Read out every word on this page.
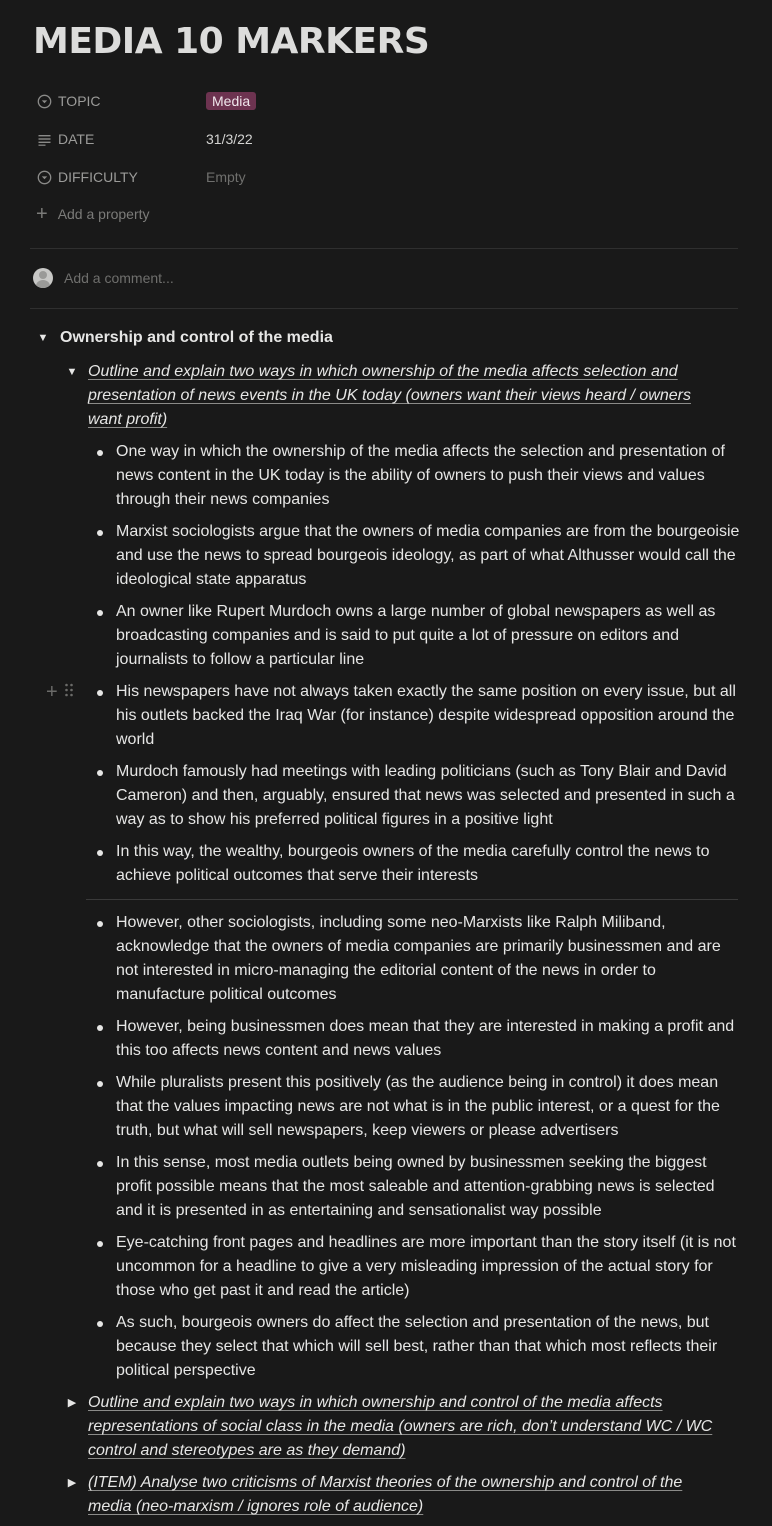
MEDIA 10 MARKERS
TOPIC	Media
DATE	31/3/22
DIFFICULTY	Empty
+ Add a property
Add a comment...
▼ Ownership and control of the media
▼ Outline and explain two ways in which ownership of the media affects selection and presentation of news events in the UK today (owners want their views heard / owners want profit)
One way in which the ownership of the media affects the selection and presentation of news content in the UK today is the ability of owners to push their views and values through their news companies
Marxist sociologists argue that the owners of media companies are from the bourgeoisie and use the news to spread bourgeois ideology, as part of what Althusser would call the ideological state apparatus
An owner like Rupert Murdoch owns a large number of global newspapers as well as broadcasting companies and is said to put quite a lot of pressure on editors and journalists to follow a particular line
His newspapers have not always taken exactly the same position on every issue, but all his outlets backed the Iraq War (for instance) despite widespread opposition around the world
Murdoch famously had meetings with leading politicians (such as Tony Blair and David Cameron) and then, arguably, ensured that news was selected and presented in such a way as to show his preferred political figures in a positive light
In this way, the wealthy, bourgeois owners of the media carefully control the news to achieve political outcomes that serve their interests
+
However, other sociologists, including some neo-Marxists like Ralph Miliband, acknowledge that the owners of media companies are primarily businessmen and are not interested in micro-managing the editorial content of the news in order to manufacture political outcomes
However, being businessmen does mean that they are interested in making a profit and this too affects news content and news values
While pluralists present this positively (as the audience being in control) it does mean that the values impacting news are not what is in the public interest, or a quest for the truth, but what will sell newspapers, keep viewers or please advertisers
In this sense, most media outlets being owned by businessmen seeking the biggest profit possible means that the most saleable and attention-grabbing news is selected and it is presented in as entertaining and sensationalist way possible
Eye-catching front pages and headlines are more important than the story itself (it is not uncommon for a headline to give a very misleading impression of the actual story for those who get past it and read the article)
As such, bourgeois owners do affect the selection and presentation of the news, but because they select that which will sell best, rather than that which most reflects their political perspective
▶ Outline and explain two ways in which ownership and control of the media affects representations of social class in the media (owners are rich, don’t understand WC / WC control and stereotypes are as they demand)
▶ (ITEM) Analyse two criticisms of Marxist theories of the ownership and control of the media (neo-marxism / ignores role of audience)
